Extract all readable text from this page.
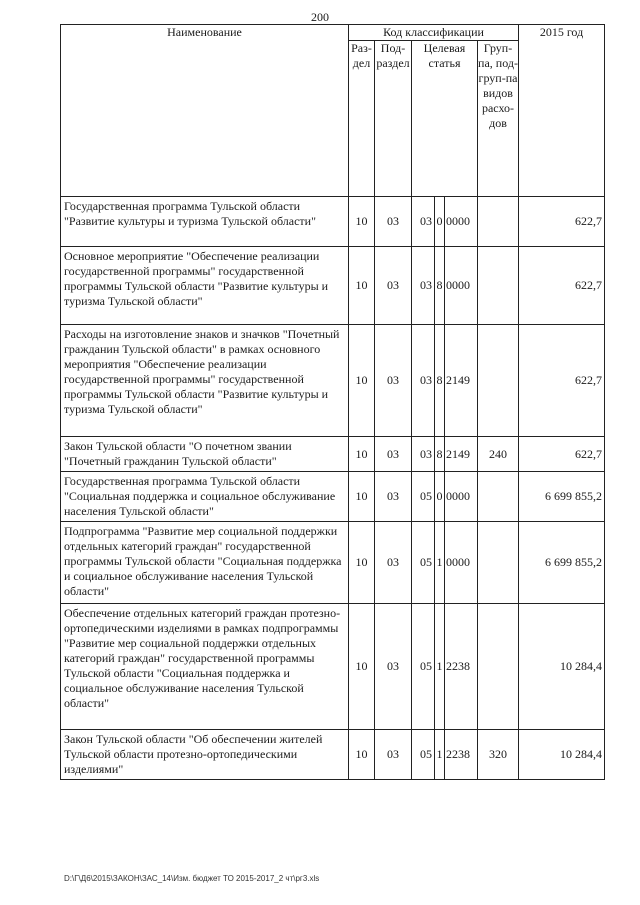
200
Наименование	Код классификации						2015 год
	Раз-дел	Под-раздел	Целевая статья			Груп-па, под-груп-па видов расхо-дов	

Государственная программа Тульской области "Развитие культуры и туризма Тульской области"	10	03	03	0	0000		622,7
Основное мероприятие "Обеспечение реализации государственной программы" государственной программы Тульской области "Развитие культуры и туризма Тульской области"	10	03	03	8	0000		622,7
Расходы на изготовление знаков и значков "Почетный гражданин Тульской области" в рамках основного мероприятия "Обеспечение реализации государственной программы" государственной программы Тульской области "Развитие культуры и туризма Тульской области"	10	03	03	8	2149		622,7
Закон Тульской области "О почетном звании "Почетный гражданин Тульской области"	10	03	03	8	2149	240	622,7
Государственная программа Тульской области "Социальная поддержка и социальное обслуживание населения Тульской области"	10	03	05	0	0000		6 699 855,2
Подпрограмма "Развитие мер социальной поддержки отдельных категорий граждан" государственной программы Тульской области "Социальная поддержка и социальное обслуживание населения Тульской области"	10	03	05	1	0000		6 699 855,2
Обеспечение отдельных категорий граждан протезно-ортопедическими изделиями в рамках подпрограммы "Развитие мер социальной поддержки отдельных категорий граждан" государственной программы Тульской области "Социальная поддержка и социальное обслуживание населения Тульской области"	10	03	05	1	2238		10 284,4
Закон Тульской области "Об обеспечении жителей Тульской области протезно-ортопедическими изделиями"	10	03	05	1	2238	320	10 284,4
D:\Г\Д6\2015\ЗАКОН\ЗАС_14\Изм. бюджет ТО 2015-2017_2 чт\рг3.xls
